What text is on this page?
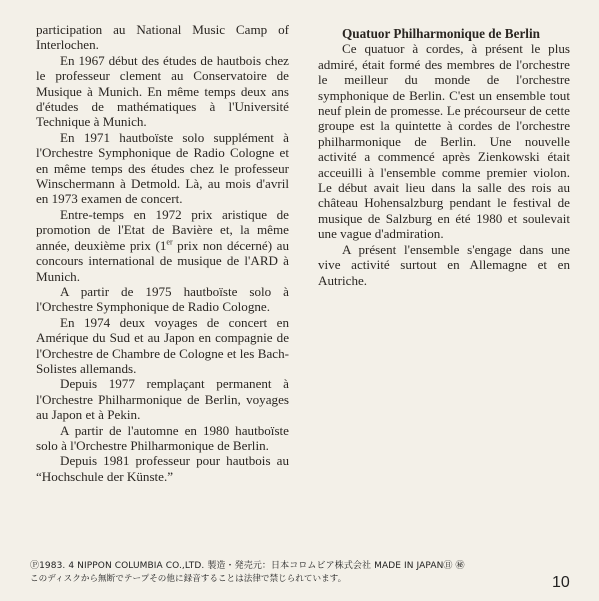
participation au National Music Camp of Interlochen.

En 1967 début des études de hautbois chez le professeur clement au Conservatoire de Musique à Munich. En même temps deux ans d'études de mathématiques à l'Université Technique à Munich.

En 1971 hautboïste solo supplément à l'Orchestre Symphonique de Radio Cologne et en même temps des études chez le professeur Winschermann à Detmold. Là, au mois d'avril en 1973 examen de concert.

Entre-temps en 1972 prix aristique de promotion de l'Etat de Bavière et, la même année, deuxième prix (1er prix non décerné) au concours international de musique de l'ARD à Munich.

A partir de 1975 hautboïste solo à l'Orchestre Symphonique de Radio Cologne.

En 1974 deux voyages de concert en Amérique du Sud et au Japon en compagnie de l'Orchestre de Chambre de Cologne et les Bach-Solistes allemands.

Depuis 1977 remplaçant permanent à l'Orchestre Philharmonique de Berlin, voyages au Japon et à Pekin.

A partir de l'automne en 1980 hautboïste solo à l'Orchestre Philharmonique de Berlin.

Depuis 1981 professeur pour hautbois au “Hochschule der Künste.”

Quatuor Philharmonique de Berlin

Ce quatuor à cordes, à présent le plus admiré, était formé des membres de l'orchestre le meilleur du monde de l'orchestre symphonique de Berlin. C'est un ensemble tout neuf plein de promesse. Le précourseur de cette groupe est la quintette à cordes de l'orchestre philharmonique de Berlin. Une nouvelle activité a commencé après Zienkowski était acceuilli à l'ensemble comme premier violon. Le début avait lieu dans la salle des rois au château Hohensalzburg pendant le festival de musique de Salzburg en été 1980 et soulevait une vague d'admiration.

A présent l'ensemble s'engage dans une vive activité surtout en Allemagne et en Autriche.

Ⓟ1983. 4 NIPPON COLUMBIA CO.,LTD. 製造・発売元：日本コロムビア株式会社 MADE IN JAPAN㊐ ㊙
このディスクから無断でテープその他に録音することは法律で禁じられています。	10
